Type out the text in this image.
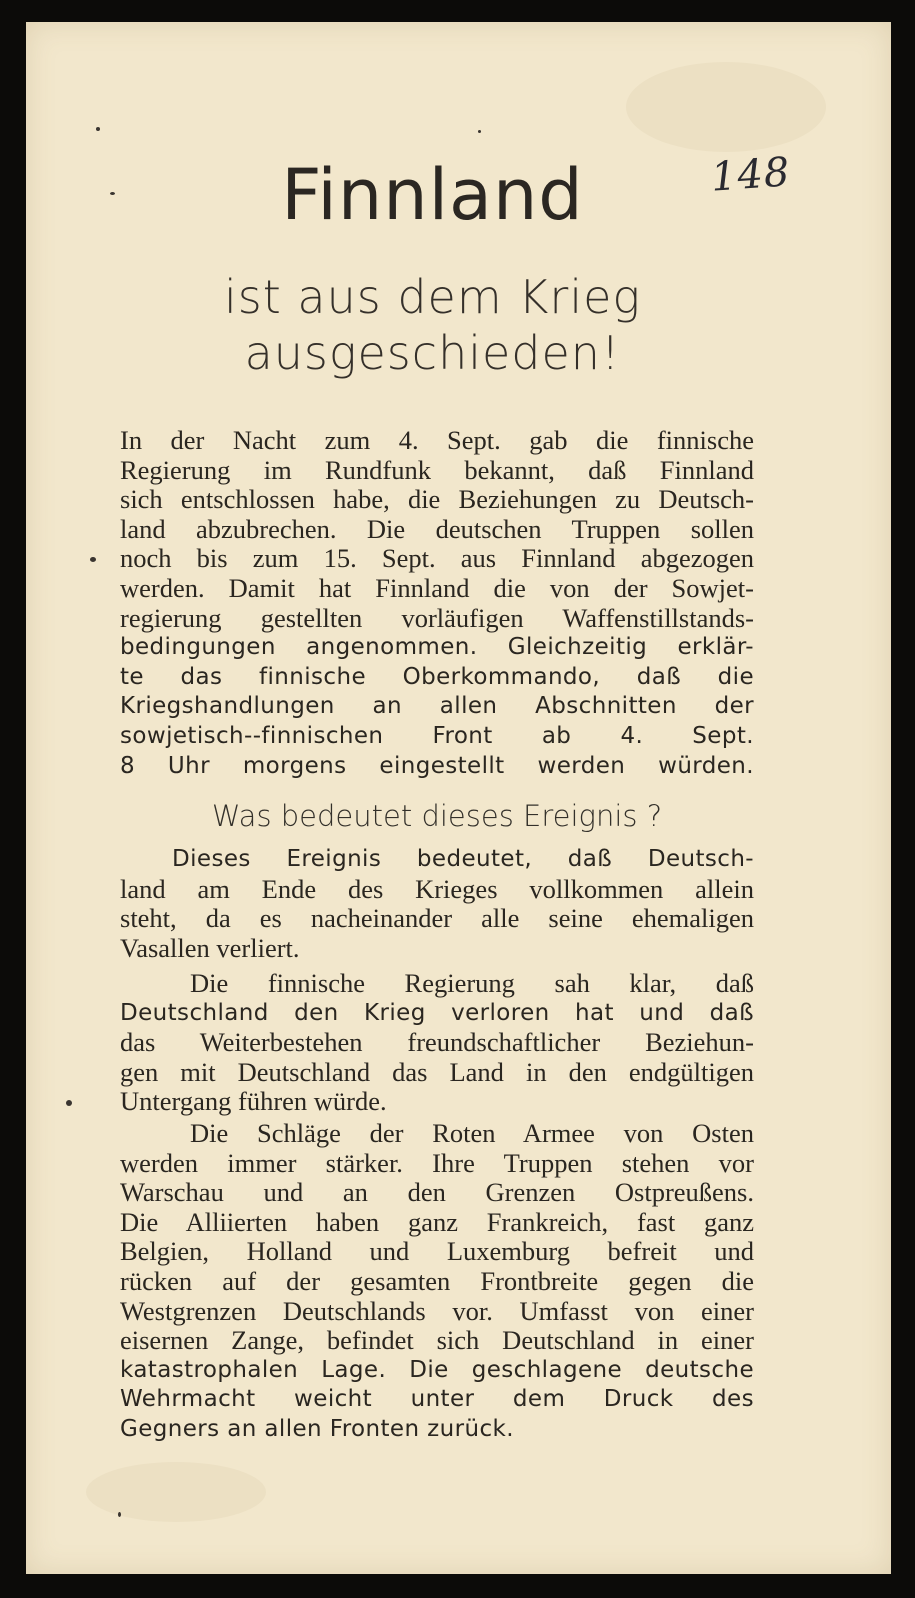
148
Finnland
ist aus dem Krieg
ausgeschieden!
In der Nacht zum 4. Sept. gab die finnische
Regierung im Rundfunk bekannt, daß Finnland
sich entschlossen habe, die Beziehungen zu Deutsch-
land abzubrechen. Die deutschen Truppen sollen
noch bis zum 15. Sept. aus Finnland abgezogen
werden. Damit hat Finnland die von der Sowjet-
regierung gestellten vorläufigen Waffenstillstands-
bedingungen angenommen. Gleichzeitig erklär-
te das finnische Oberkommando, daß die
Kriegshandlungen an allen Abschnitten der
sowjetisch--finnischen Front ab 4. Sept.
8 Uhr morgens eingestellt werden würden.
Was bedeutet dieses Ereignis ?
Dieses Ereignis bedeutet, daß Deutsch-
land am Ende des Krieges vollkommen allein
steht, da es nacheinander alle seine ehemaligen
Vasallen verliert.
Die finnische Regierung sah klar, daß
Deutschland den Krieg verloren hat und daß
das Weiterbestehen freundschaftlicher Beziehun-
gen mit Deutschland das Land in den endgültigen
Untergang führen würde.
Die Schläge der Roten Armee von Osten
werden immer stärker. Ihre Truppen stehen vor
Warschau und an den Grenzen Ostpreußens.
Die Alliierten haben ganz Frankreich, fast ganz
Belgien, Holland und Luxemburg befreit und
rücken auf der gesamten Frontbreite gegen die
Westgrenzen Deutschlands vor. Umfasst von einer
eisernen Zange, befindet sich Deutschland in einer
katastrophalen Lage. Die geschlagene deutsche
Wehrmacht weicht unter dem Druck des
Gegners an allen Fronten zurück.
